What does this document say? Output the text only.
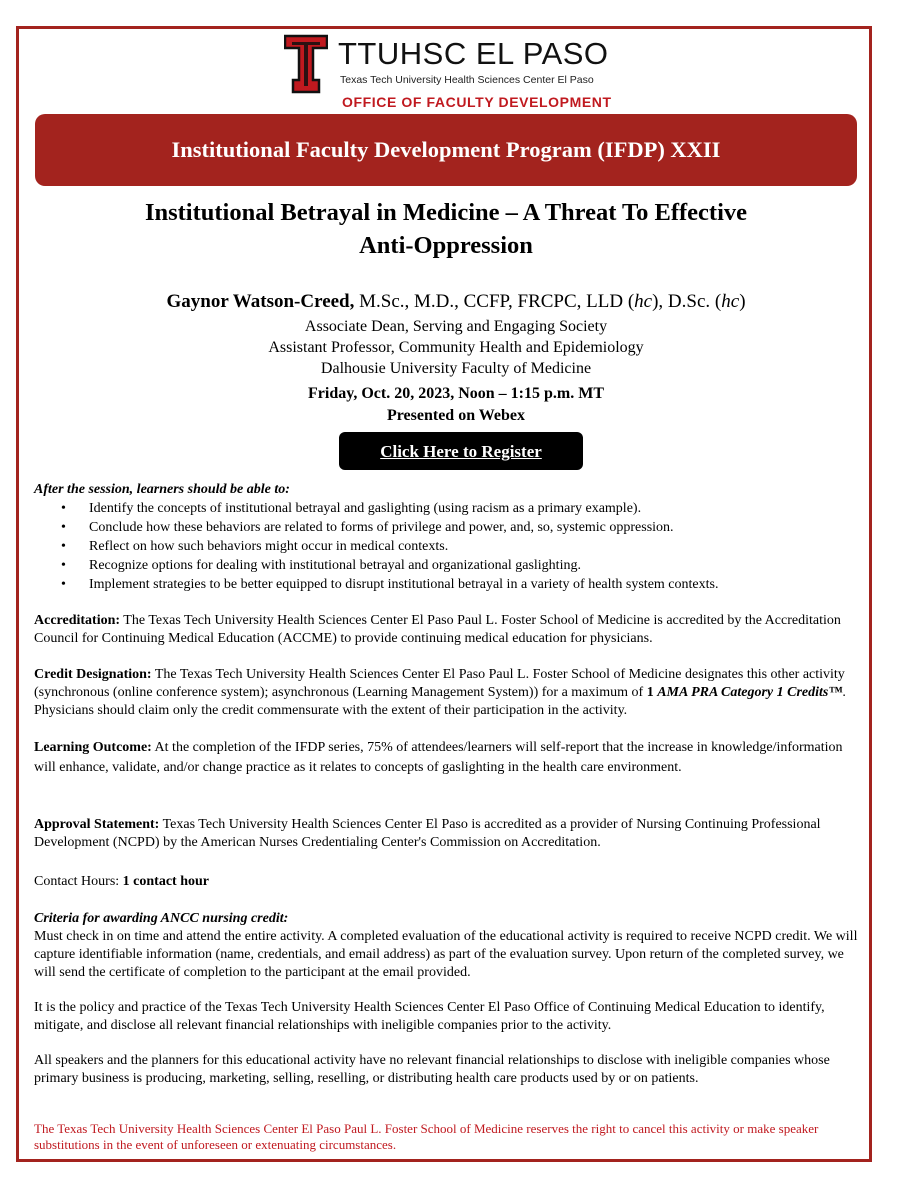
TTUHSC EL PASO
Texas Tech University Health Sciences Center El Paso
OFFICE OF FACULTY DEVELOPMENT
Institutional Faculty Development Program (IFDP) XXII
Institutional Betrayal in Medicine – A Threat To Effective
Anti-Oppression
Gaynor Watson-Creed, M.Sc., M.D., CCFP, FRCPC, LLD (hc), D.Sc. (hc)
Associate Dean, Serving and Engaging Society
Assistant Professor, Community Health and Epidemiology
Dalhousie University Faculty of Medicine
Friday, Oct. 20, 2023, Noon – 1:15 p.m. MT
Presented on Webex
Click Here to Register
After the session, learners should be able to:
• Identify the concepts of institutional betrayal and gaslighting (using racism as a primary example).
• Conclude how these behaviors are related to forms of privilege and power, and, so, systemic oppression.
• Reflect on how such behaviors might occur in medical contexts.
• Recognize options for dealing with institutional betrayal and organizational gaslighting.
• Implement strategies to be better equipped to disrupt institutional betrayal in a variety of health system contexts.
Accreditation: The Texas Tech University Health Sciences Center El Paso Paul L. Foster School of Medicine is accredited by the Accreditation Council for Continuing Medical Education (ACCME) to provide continuing medical education for physicians.
Credit Designation: The Texas Tech University Health Sciences Center El Paso Paul L. Foster School of Medicine designates this other activity (synchronous (online conference system); asynchronous (Learning Management System)) for a maximum of 1 AMA PRA Category 1 Credits™. Physicians should claim only the credit commensurate with the extent of their participation in the activity.
Learning Outcome: At the completion of the IFDP series, 75% of attendees/learners will self-report that the increase in knowledge/information will enhance, validate, and/or change practice as it relates to concepts of gaslighting in the health care environment.
Approval Statement: Texas Tech University Health Sciences Center El Paso is accredited as a provider of Nursing Continuing Professional Development (NCPD) by the American Nurses Credentialing Center's Commission on Accreditation.
Contact Hours: 1 contact hour
Criteria for awarding ANCC nursing credit:
Must check in on time and attend the entire activity. A completed evaluation of the educational activity is required to receive NCPD credit. We will capture identifiable information (name, credentials, and email address) as part of the evaluation survey. Upon return of the completed survey, we will send the certificate of completion to the participant at the email provided.
It is the policy and practice of the Texas Tech University Health Sciences Center El Paso Office of Continuing Medical Education to identify, mitigate, and disclose all relevant financial relationships with ineligible companies prior to the activity.
All speakers and the planners for this educational activity have no relevant financial relationships to disclose with ineligible companies whose primary business is producing, marketing, selling, reselling, or distributing health care products used by or on patients.
The Texas Tech University Health Sciences Center El Paso Paul L. Foster School of Medicine reserves the right to cancel this activity or make speaker substitutions in the event of unforeseen or extenuating circumstances.
